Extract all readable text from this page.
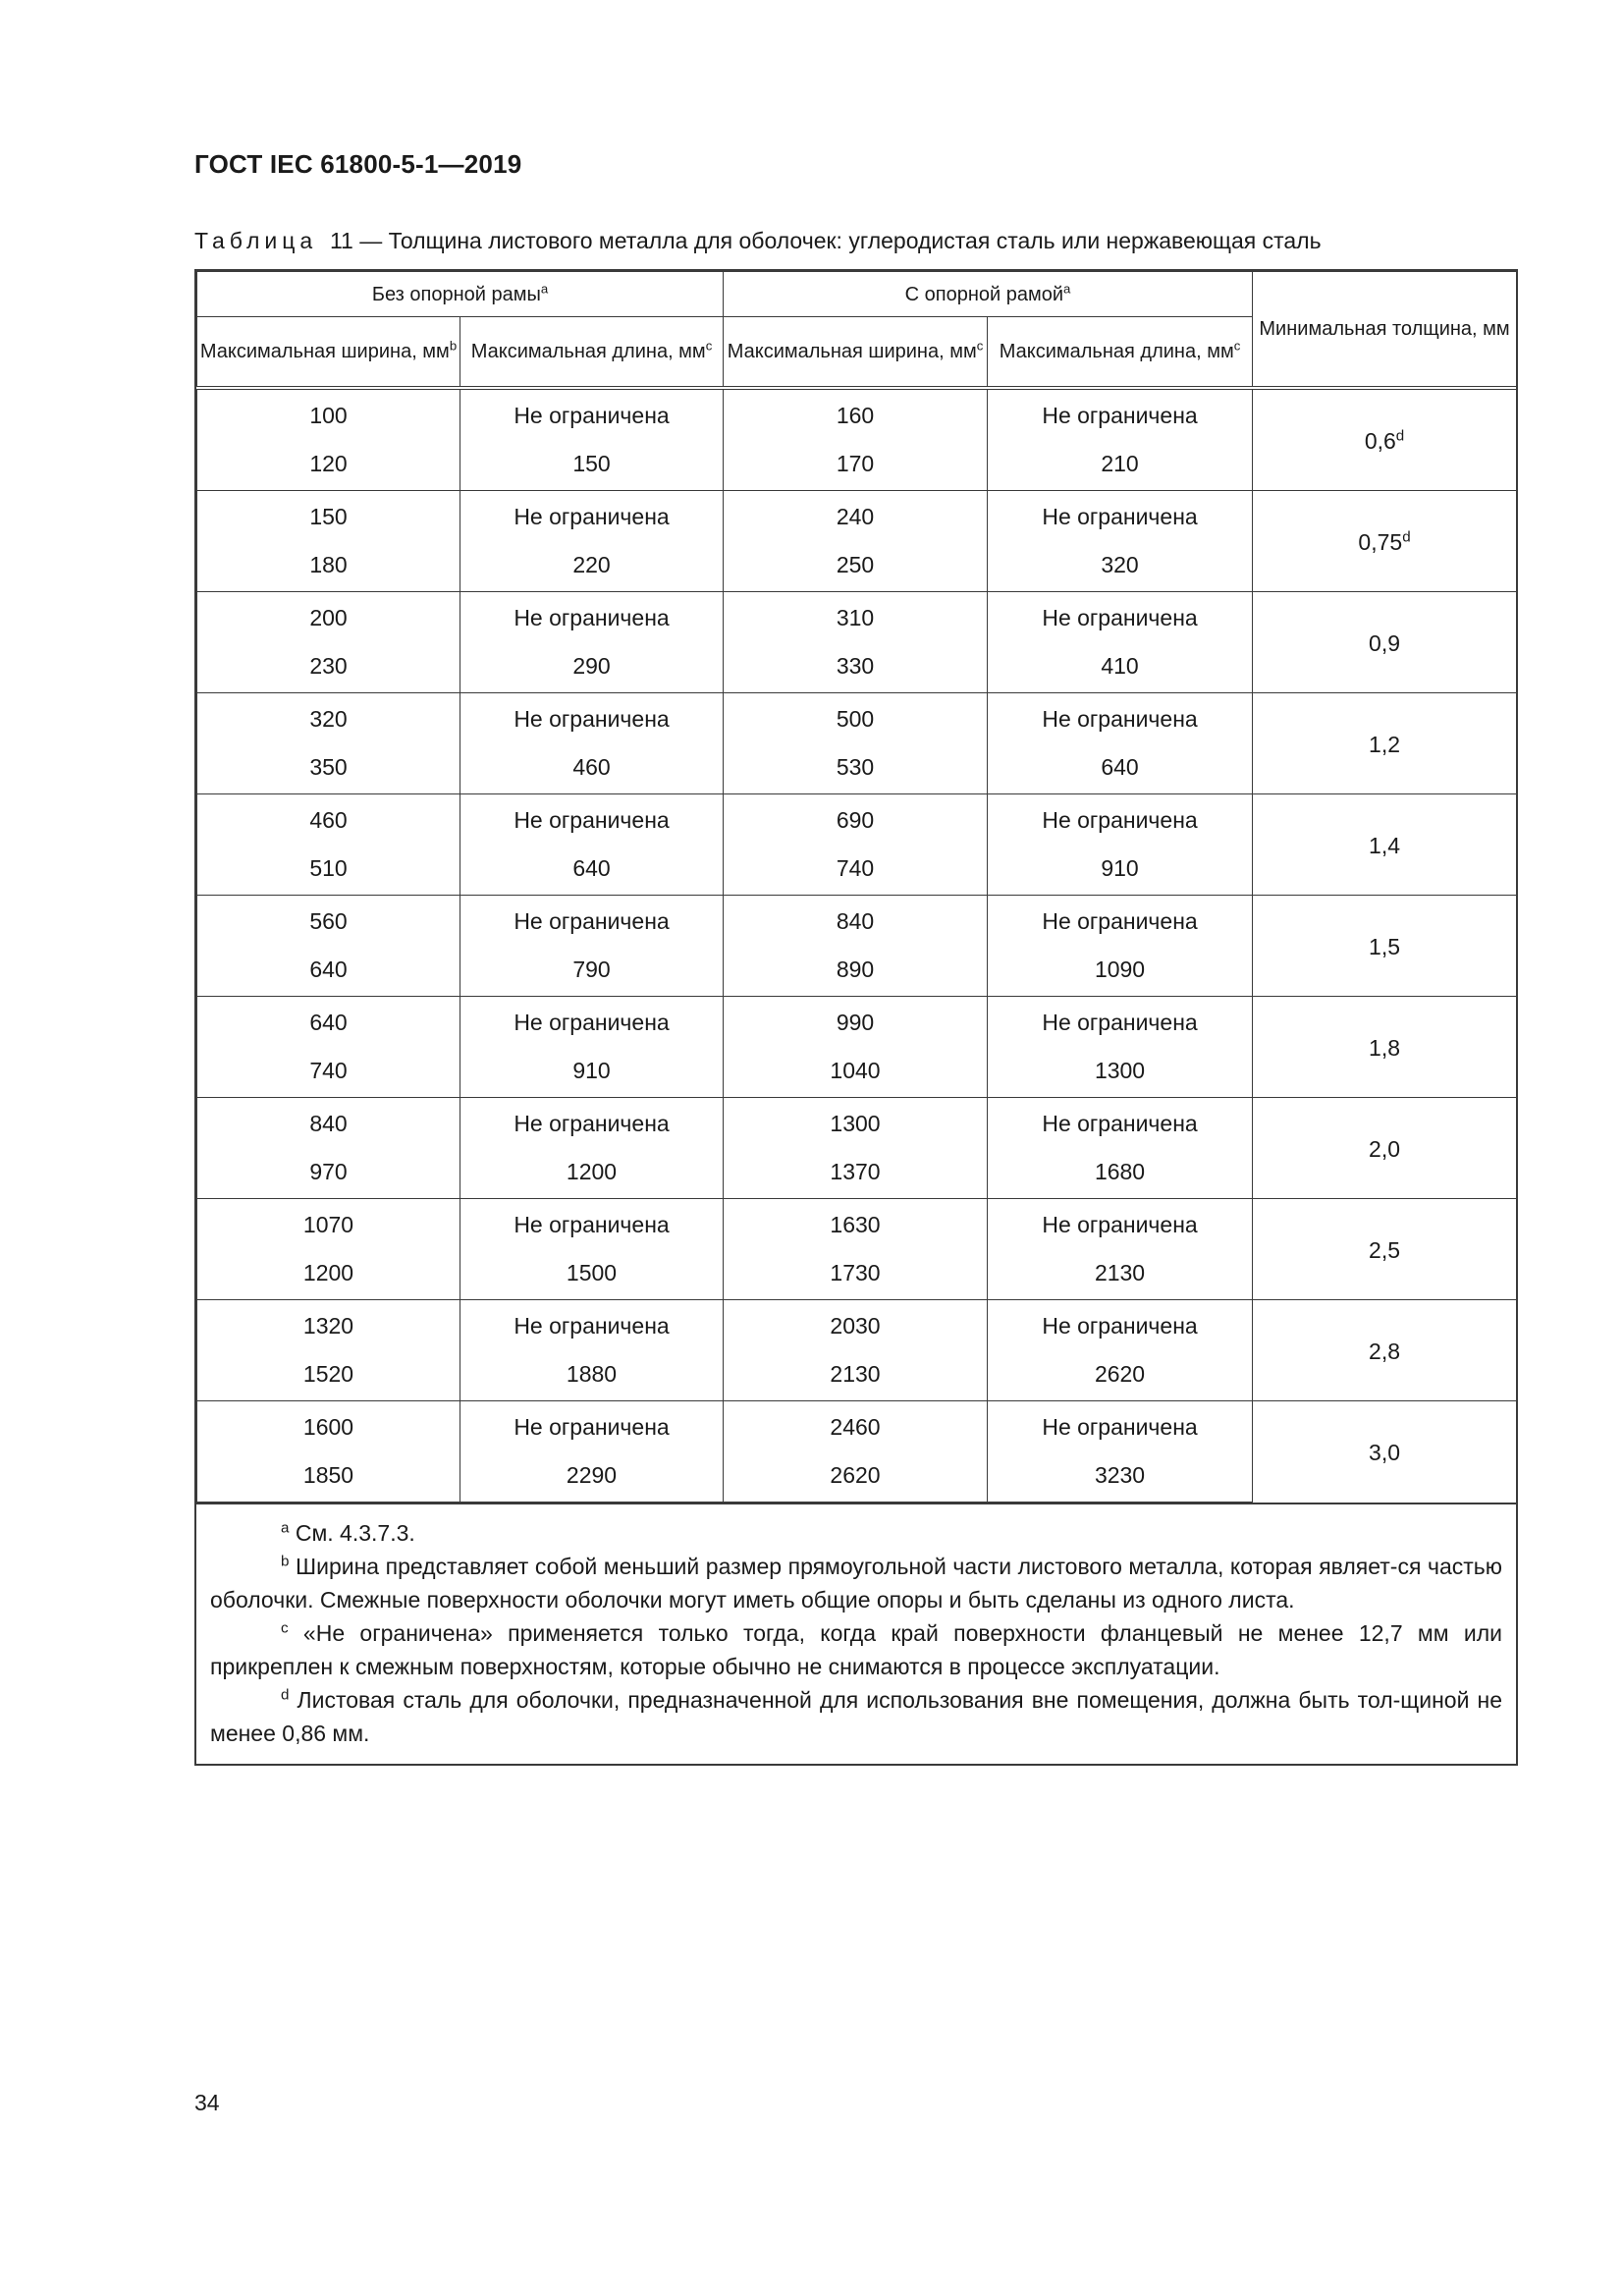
ГОСТ IEC 61800-5-1—2019
Таблица 11 — Толщина листового металла для оболочек: углеродистая сталь или нержавеющая сталь
Без опорной рамы$^a$		С опорной рамой$^a$		Минимальная толщина, мм
Максимальная ширина, $мм^b$	Максимальная длина, $мм^c$	Максимальная ширина, $мм^c$	Максимальная длина, $мм^c$
100	Не ограничена	160	Не ограничена	0,6$^d$
120	150	170	210	
150	Не ограничена	240	Не ограничена	0,75$^d$
180	220	250	320	
200	Не ограничена	310	Не ограничена	0,9
230	290	330	410	
320	Не ограничена	500	Не ограничена	1,2
350	460	530	640	
460	Не ограничена	690	Не ограничена	1,4
510	640	740	910	
560	Не ограничена	840	Не ограничена	1,5
640	790	890	1090	
640	Не ограничена	990	Не ограничена	1,8
740	910	1040	1300	
840	Не ограничена	1300	Не ограничена	2,0
970	1200	1370	1680	
1070	Не ограничена	1630	Не ограничена	2,5
1200	1500	1730	2130	
1320	Не ограничена	2030	Не ограничена	2,8
1520	1880	2130	2620	
1600	Не ограничена	2460	Не ограничена	3,0
1850	2290	2620	3230	

$^a$ См. 4.3.7.3.

$^b$ Ширина представляет собой меньший размер прямоугольной части листового металла, которая являет-ся частью оболочки. Смежные поверхности оболочки могут иметь общие опоры и быть сделаны из одного листа.

$^c$ «Не ограничена» применяется только тогда, когда край поверхности фланцевый не менее 12,7 мм или прикреплен к смежным поверхностям, которые обычно не снимаются в процессе эксплуатации.

$^d$ Листовая сталь для оболочки, предназначенной для использования вне помещения, должна быть тол-щиной не менее 0,86 мм.

34
